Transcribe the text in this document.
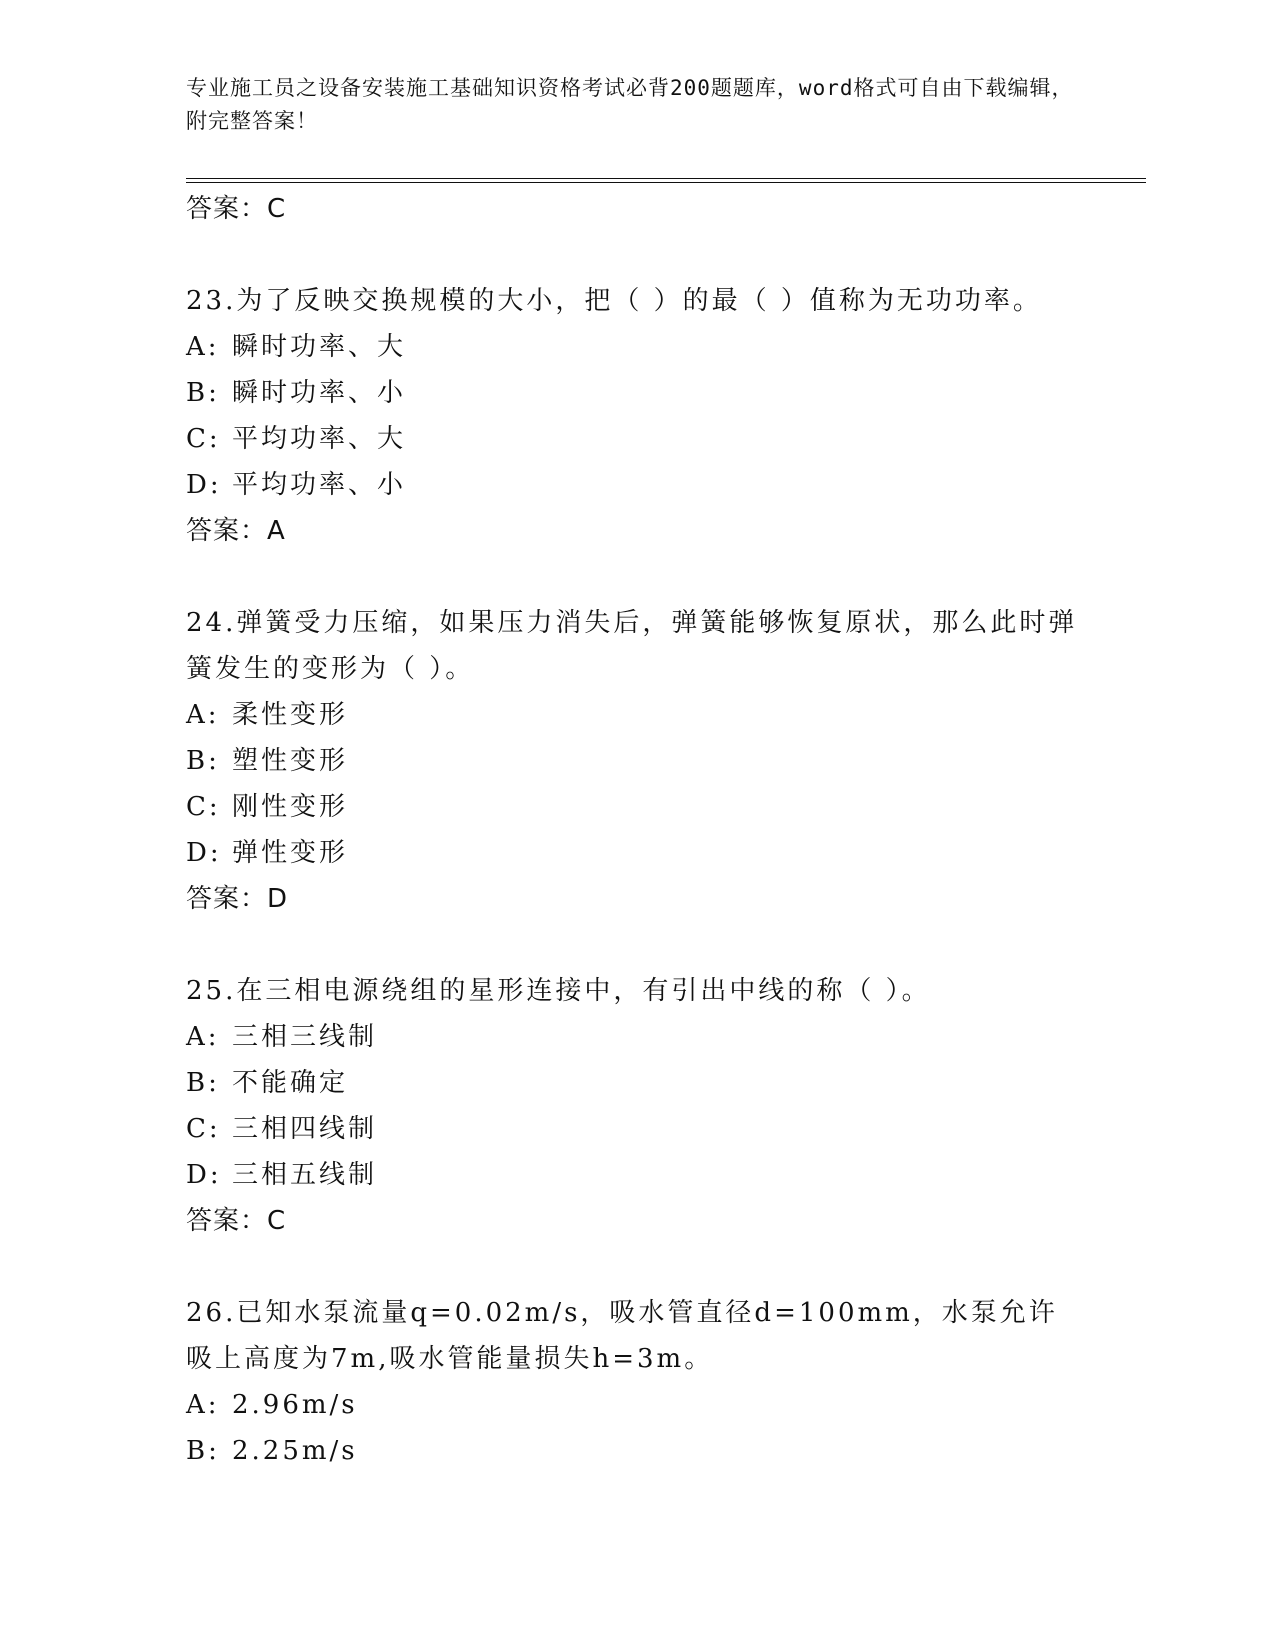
专业施工员之设备安装施工基础知识资格考试必背200题题库，word格式可自由下载编辑，附完整答案！
答案：C
23.为了反映交换规模的大小，把（ ）的最（ ）值称为无功功率。
A: 瞬时功率、大
B: 瞬时功率、小
C: 平均功率、大
D: 平均功率、小
答案：A
24.弹簧受力压缩，如果压力消失后，弹簧能够恢复原状，那么此时弹簧发生的变形为（ ）。
A: 柔性变形
B: 塑性变形
C: 刚性变形
D: 弹性变形
答案：D
25.在三相电源绕组的星形连接中，有引出中线的称（ ）。
A: 三相三线制
B: 不能确定
C: 三相四线制
D: 三相五线制
答案：C
26.已知水泵流量q=0.02m/s，吸水管直径d=100mm，水泵允许吸上高度为7m,吸水管能量损失h=3m。
A: 2.96m/s
B: 2.25m/s
